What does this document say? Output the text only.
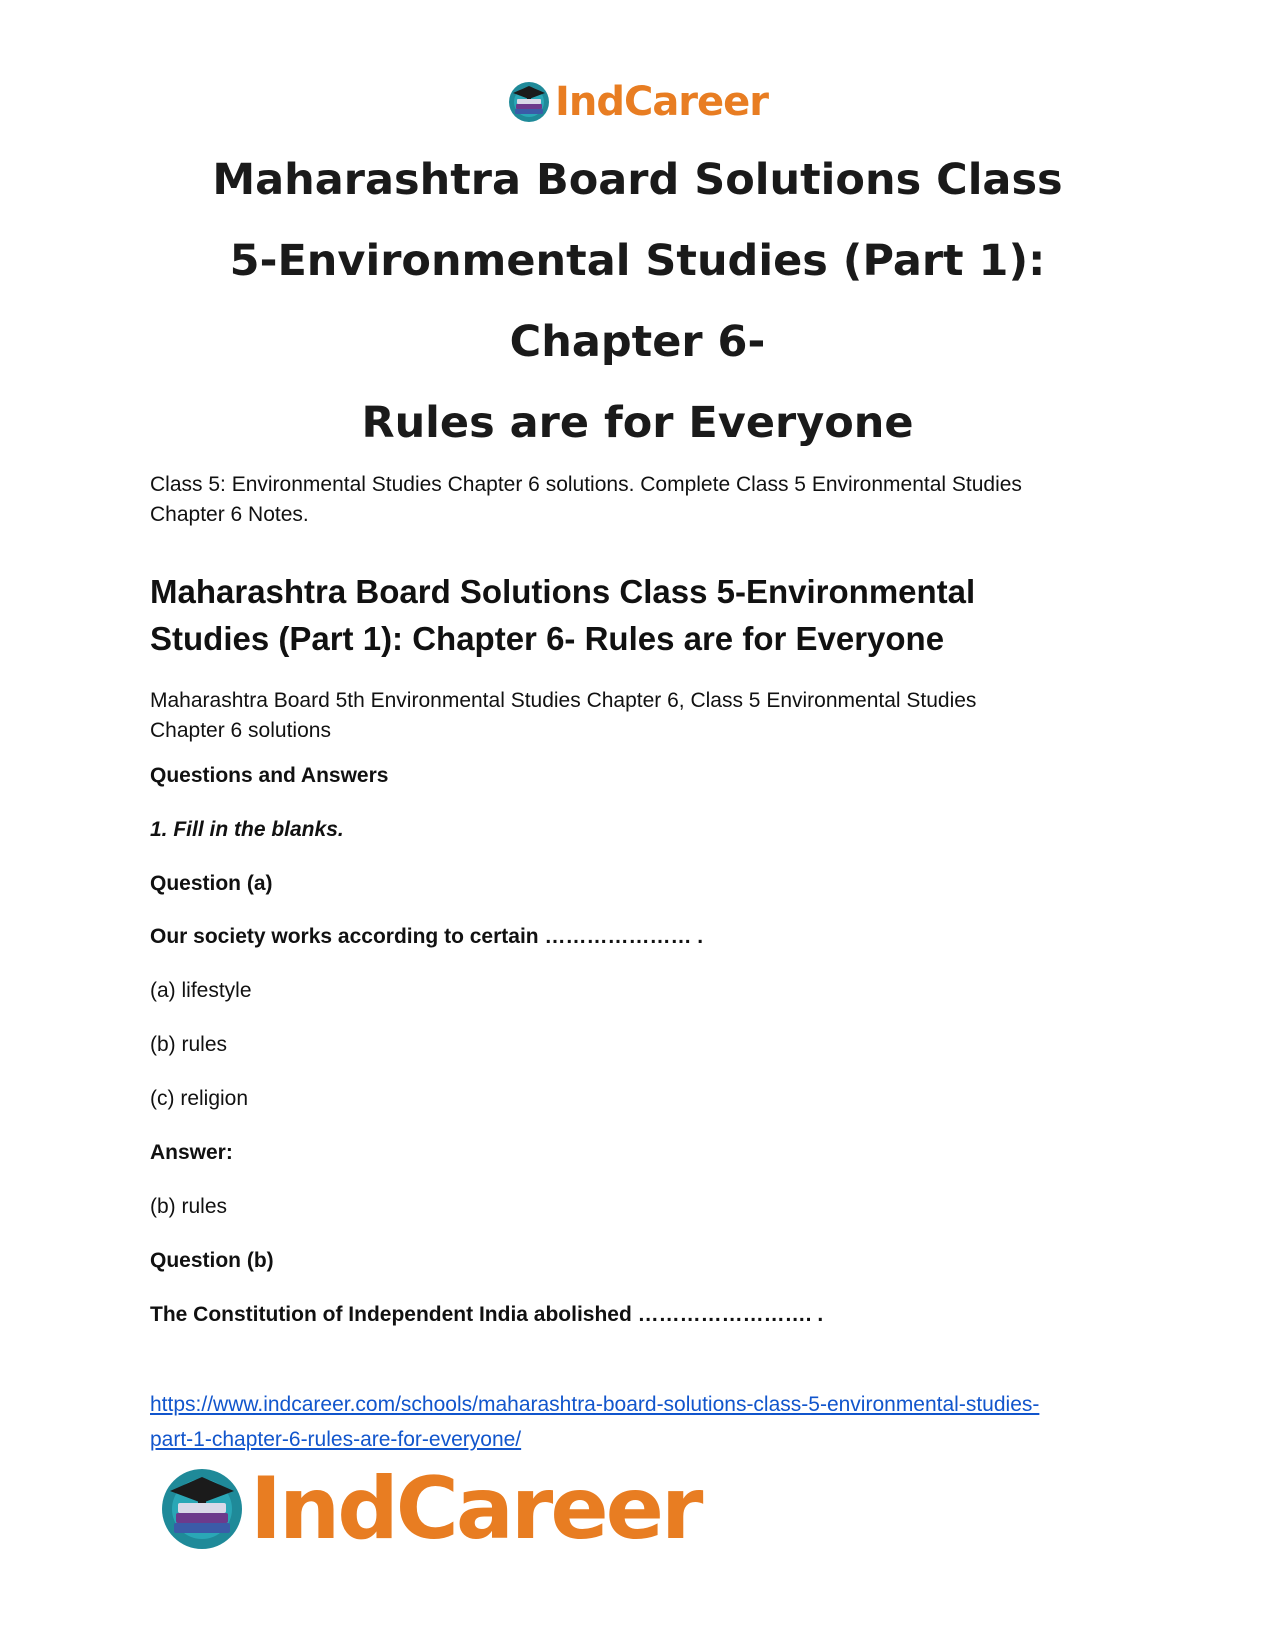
IndCareer
Maharashtra Board Solutions Class
5-Environmental Studies (Part 1): Chapter 6-
Rules are for Everyone

Class 5: Environmental Studies Chapter 6 solutions. Complete Class 5 Environmental Studies
Chapter 6 Notes.

Maharashtra Board Solutions Class 5-Environmental
Studies (Part 1): Chapter 6- Rules are for Everyone

Maharashtra Board 5th Environmental Studies Chapter 6, Class 5 Environmental Studies
Chapter 6 solutions

Questions and Answers

1. Fill in the blanks.

Question (a)

Our society works according to certain ………………… .

(a) lifestyle

(b) rules

(c) religion

Answer:

(b) rules

Question (b)

The Constitution of Independent India abolished ……………………. .

https://www.indcareer.com/schools/maharashtra-board-solutions-class-5-environmental-studies-
part-1-chapter-6-rules-are-for-everyone/

IndCareer
